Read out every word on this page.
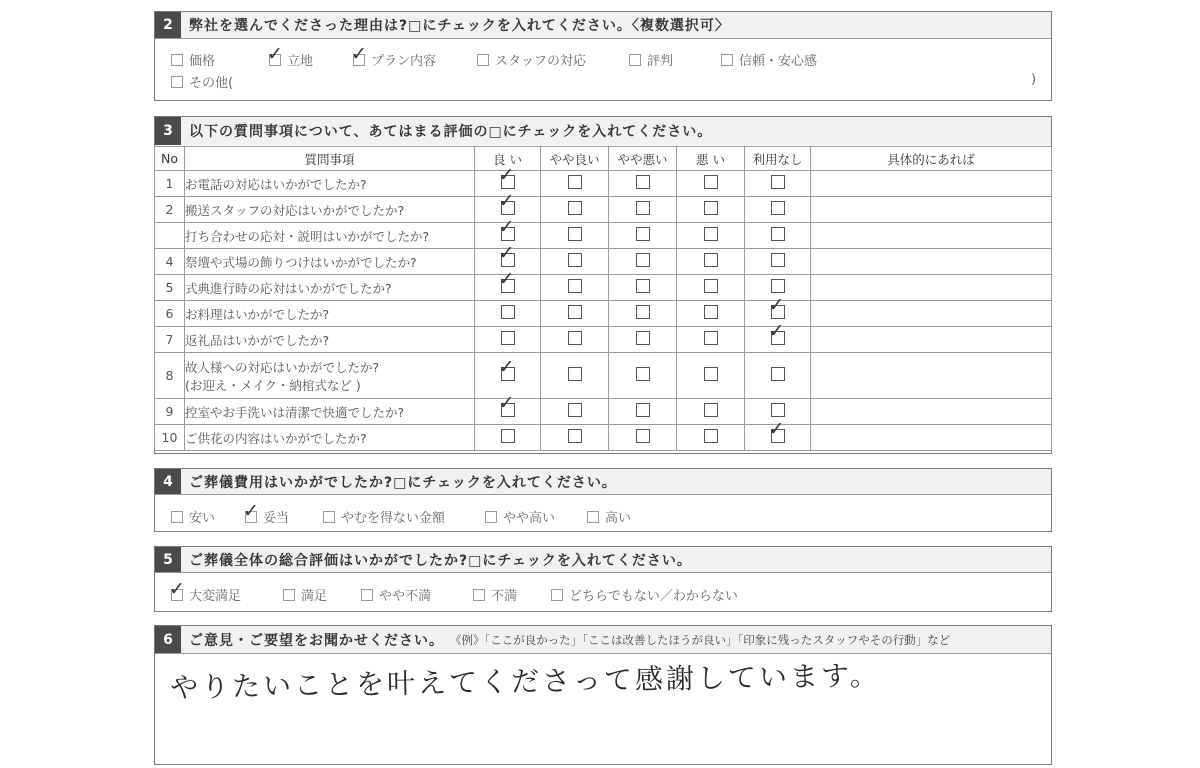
2	弊社を選んでくださった理由は?□にチェックを入れてください。〈複数選択可〉
価格	✓ 立地 ✓ プラン内容	スタッフの対応	評判	信頼・安心感
その他(	)
3	以下の質問事項について、あてはまる評価の□にチェックを入れてください。
No	質問事項	良 い	やや良い	やや悪い	悪 い	利用なし	具体的にあれば
1	お電話の対応はいかがでしたか?	✓					

2	搬送スタッフの対応はいかがでしたか?	✓					

	打ち合わせの応対・説明はいかがでしたか?	✓					

4	祭壇や式場の飾りつけはいかがでしたか?	✓					

5	式典進行時の応対はいかがでしたか?	✓					

6	お料理はいかがでしたか?					✓	

7	返礼品はいかがでしたか?					✓	

8	故人様への対応はいかがでしたか?
(お迎え・メイク・納棺式など )	✓					

9	控室やお手洗いは清潔で快適でしたか?	✓					

10	ご供花の内容はいかがでしたか?					✓	

4	ご葬儀費用はいかがでしたか?□にチェックを入れてください。
安い ✓ 妥当	やむを得ない金額	やや高い	高い
5	ご葬儀全体の総合評価はいかがでしたか?□にチェックを入れてください。
✓ 大変満足	満足	やや不満	不満	どちらでもない／わからない
6	ご意見・ご要望をお聞かせください。 《例》「ここが良かった」「ここは改善したほうが良い」「印象に残ったスタッフやその行動」など
やりたいことを叶えてくださって感謝しています。
